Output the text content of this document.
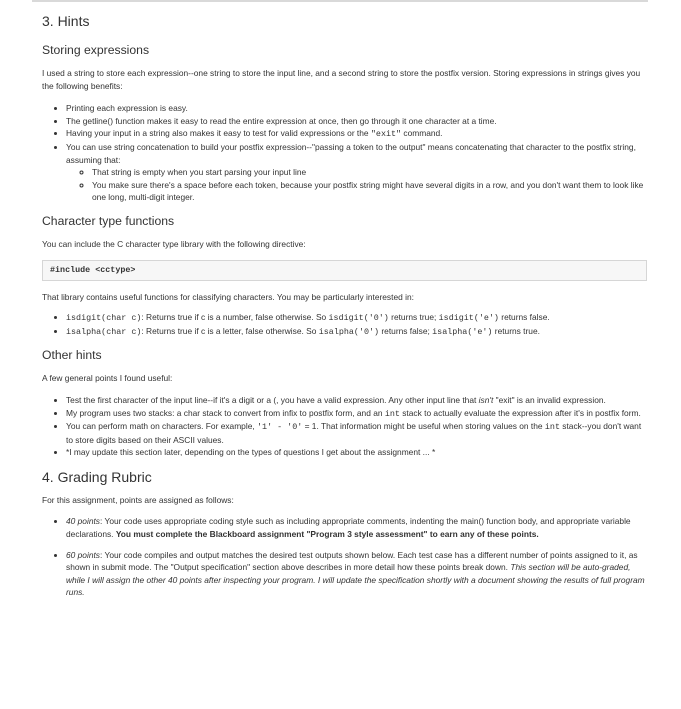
3. Hints
Storing expressions

I used a string to store each expression--one string to store the input line, and a second string to store the postfix version. Storing expressions in strings gives you the following benefits:

• Printing each expression is easy.
• The getline() function makes it easy to read the entire expression at once, then go through it one character at a time.
• Having your input in a string also makes it easy to test for valid expressions or the "exit" command.
• You can use string concatenation to build your postfix expression--"passing a token to the output" means concatenating that character to the postfix string, assuming that:
◦ That string is empty when you start parsing your input line
◦ You make sure there's a space before each token, because your postfix string might have several digits in a row, and you don't want them to look like one long, multi-digit integer.
Character type functions

You can include the C character type library with the following directive:

#include <cctype>

That library contains useful functions for classifying characters. You may be particularly interested in:

• isdigit(char c): Returns true if c is a number, false otherwise. So isdigit('0') returns true; isdigit('e') returns false.
• isalpha(char c): Returns true if c is a letter, false otherwise. So isalpha('0') returns false; isalpha('e') returns true.
Other hints

A few general points I found useful:

• Test the first character of the input line--if it's a digit or a (, you have a valid expression. Any other input line that isn't "exit" is an invalid expression.
• My program uses two stacks: a char stack to convert from infix to postfix form, and an int stack to actually evaluate the expression after it's in postfix form.
• You can perform math on characters. For example, '1' - '0' = 1. That information might be useful when storing values on the int stack--you don't want to store digits based on their ASCII values.
• *I may update this section later, depending on the types of questions I get about the assignment ... *
4. Grading Rubric

For this assignment, points are assigned as follows:

• 40 points: Your code uses appropriate coding style such as including appropriate comments, indenting the main() function body, and appropriate variable declarations. You must complete the Blackboard assignment "Program 3 style assessment" to earn any of these points.
• 60 points: Your code compiles and output matches the desired test outputs shown below. Each test case has a different number of points assigned to it, as shown in submit mode. The "Output specification" section above describes in more detail how these points break down. This section will be auto-graded, while I will assign the other 40 points after inspecting your program. I will update the specification shortly with a document showing the results of full program runs.
